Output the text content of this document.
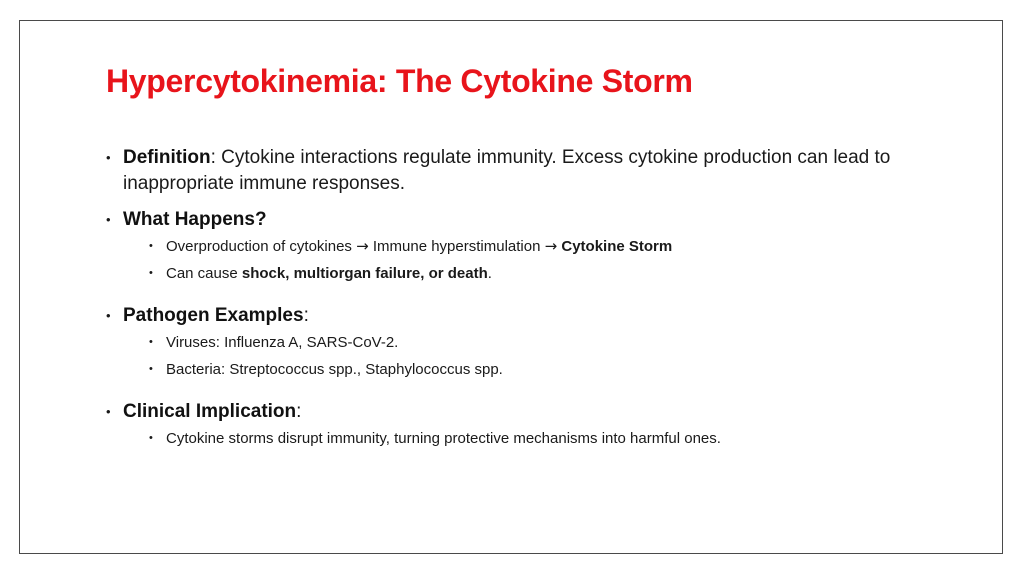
Hypercytokinemia: The Cytokine Storm
• Definition: Cytokine interactions regulate immunity. Excess cytokine production can lead to inappropriate immune responses.
• What Happens?
• Overproduction of cytokines → Immune hyperstimulation → Cytokine Storm
• Can cause shock, multiorgan failure, or death.
• Pathogen Examples:
• Viruses: Influenza A, SARS-CoV-2.
• Bacteria: Streptococcus spp., Staphylococcus spp.
• Clinical Implication:
• Cytokine storms disrupt immunity, turning protective mechanisms into harmful ones.
